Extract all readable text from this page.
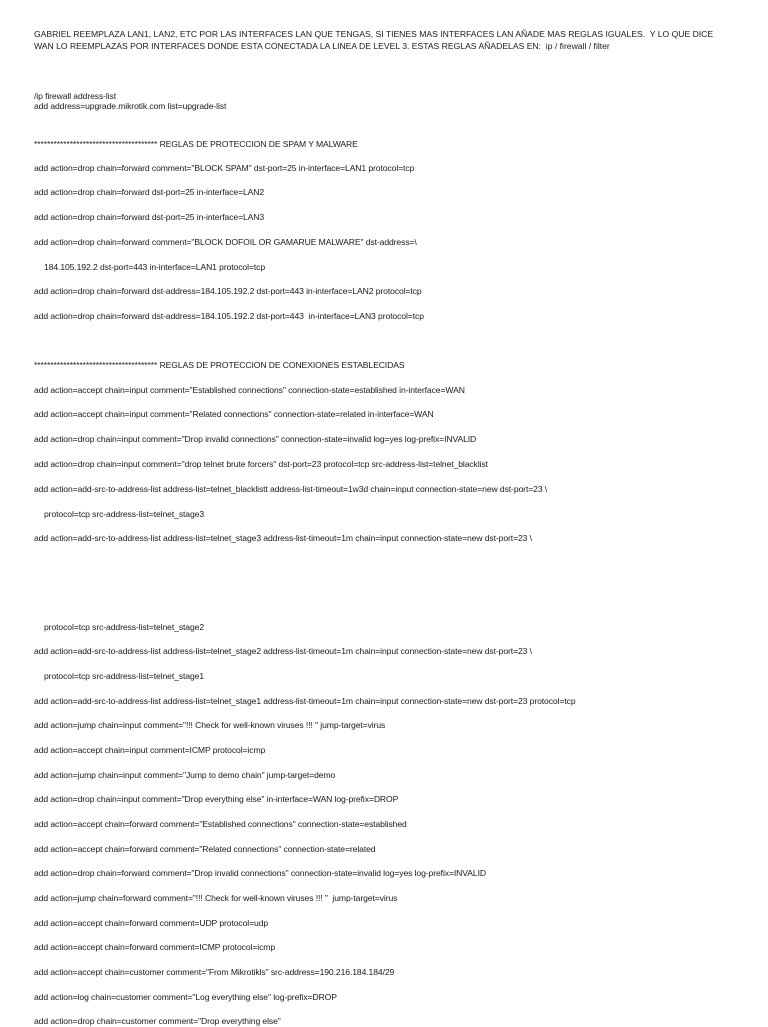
GABRIEL REEMPLAZA LAN1, LAN2, ETC POR LAS INTERFACES LAN QUE TENGAS, SI TIENES MAS INTERFACES LAN AÑADE MAS REGLAS IGUALES.  Y LO QUE DICE
WAN LO REEMPLAZAS POR INTERFACES DONDE ESTA CONECTADA LA LINEA DE LEVEL 3. ESTAS REGLAS AÑADELAS EN:  ip / firewall / filter
/ip firewall address-list
add address=upgrade.mikrotik.com list=upgrade-list
************************************** REGLAS DE PROTECCION DE SPAM Y MALWARE
add action=drop chain=forward comment="BLOCK SPAM" dst-port=25 in-interface=LAN1 protocol=tcp
add action=drop chain=forward dst-port=25 in-interface=LAN2
add action=drop chain=forward dst-port=25 in-interface=LAN3
add action=drop chain=forward comment="BLOCK DOFOIL OR GAMARUE MALWARE" dst-address=\
184.105.192.2 dst-port=443 in-interface=LAN1 protocol=tcp
add action=drop chain=forward dst-address=184.105.192.2 dst-port=443 in-interface=LAN2 protocol=tcp
add action=drop chain=forward dst-address=184.105.192.2 dst-port=443  in-interface=LAN3 protocol=tcp
************************************** REGLAS DE PROTECCION DE CONEXIONES ESTABLECIDAS
add action=accept chain=input comment="Established connections" connection-state=established in-interface=WAN
add action=accept chain=input comment="Related connections" connection-state=related in-interface=WAN
add action=drop chain=input comment="Drop invalid connections" connection-state=invalid log=yes log-prefix=INVALID
add action=drop chain=input comment="drop telnet brute forcers" dst-port=23 protocol=tcp src-address-list=telnet_blacklist
add action=add-src-to-address-list address-list=telnet_blacklistt address-list-timeout=1w3d chain=input connection-state=new dst-port=23 \
protocol=tcp src-address-list=telnet_stage3
add action=add-src-to-address-list address-list=telnet_stage3 address-list-timeout=1m chain=input connection-state=new dst-port=23 \
protocol=tcp src-address-list=telnet_stage2
add action=add-src-to-address-list address-list=telnet_stage2 address-list-timeout=1m chain=input connection-state=new dst-port=23 \
protocol=tcp src-address-list=telnet_stage1
add action=add-src-to-address-list address-list=telnet_stage1 address-list-timeout=1m chain=input connection-state=new dst-port=23 protocol=tcp
add action=jump chain=input comment="!!! Check for well-known viruses !!! " jump-target=virus
add action=accept chain=input comment=ICMP protocol=icmp
add action=jump chain=input comment="Jump to demo chain" jump-target=demo
add action=drop chain=input comment="Drop everything else" in-interface=WAN log-prefix=DROP
add action=accept chain=forward comment="Established connections" connection-state=established
add action=accept chain=forward comment="Related connections" connection-state=related
add action=drop chain=forward comment="Drop invalid connections" connection-state=invalid log=yes log-prefix=INVALID
add action=jump chain=forward comment="!!! Check for well-known viruses !!! "  jump-target=virus
add action=accept chain=forward comment=UDP protocol=udp
add action=accept chain=forward comment=ICMP protocol=icmp
add action=accept chain=customer comment="From Mikrotikls" src-address=190.216.184.184/29
add action=log chain=customer comment="Log everything else" log-prefix=DROP
add action=drop chain=customer comment="Drop everything else"
